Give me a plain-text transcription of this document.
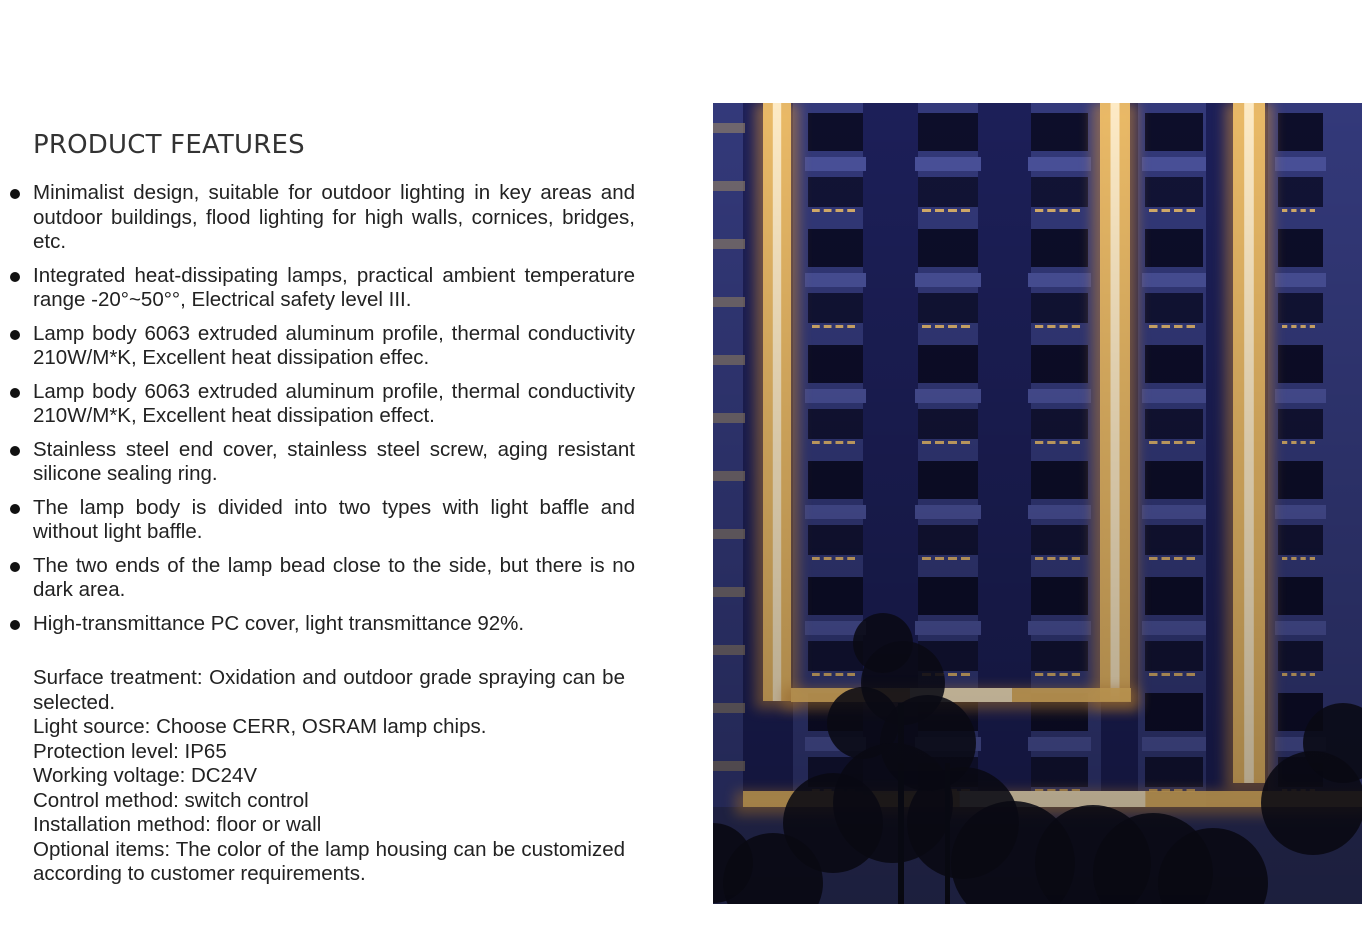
PRODUCT FEATURES
Minimalist design, suitable for outdoor lighting in key areas and outdoor buildings, flood lighting for high walls, cornices, bridges, etc.
Integrated heat-dissipating lamps, practical ambient temperature range -20°~50°°, Electrical safety level III.
Lamp body 6063 extruded aluminum profile, thermal conductivity 210W/M*K, Excellent heat dissipation effec.
Lamp body 6063 extruded aluminum profile, thermal conductivity 210W/M*K, Excellent heat dissipation effect.
Stainless steel end cover, stainless steel screw, aging resistant silicone sealing ring.
The lamp body is divided into two types with light baffle and without light baffle.
The two ends of the lamp bead close to the side, but there is no dark area.
High-transmittance PC cover, light transmittance 92%.
Surface treatment: Oxidation and outdoor grade spraying can be selected.
Light source: Choose CERR, OSRAM lamp chips.
Protection level: IP65
Working voltage: DC24V
Control method: switch control
Installation method: floor or wall
Optional items: The color of the lamp housing can be customized according to customer requirements.
